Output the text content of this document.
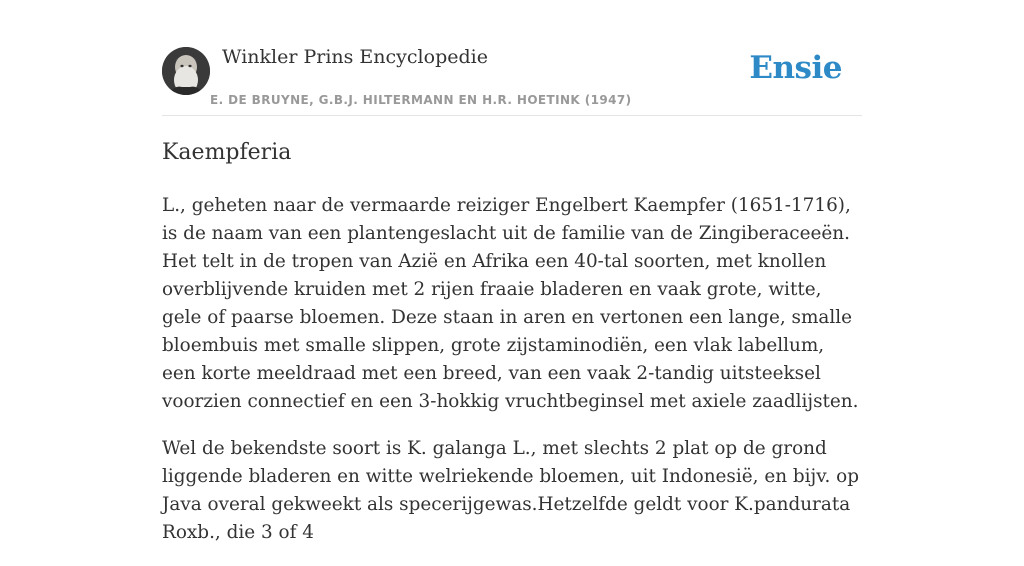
Winkler Prins Encyclopedie
E. DE BRUYNE, G.B.J. HILTERMANN EN H.R. HOETINK (1947)
Ensie
Kaempferia

L., geheten naar de vermaarde reiziger Engelbert Kaempfer (1651-1716), is de naam van een plantengeslacht uit de familie van de Zingiberaceeën. Het telt in de tropen van Azië en Afrika een 40-tal soorten, met knollen overblijvende kruiden met 2 rijen fraaie bladeren en vaak grote, witte, gele of paarse bloemen. Deze staan in aren en vertonen een lange, smalle bloembuis met smalle slippen, grote zijstaminodiën, een vlak labellum, een korte meeldraad met een breed, van een vaak 2-tandig uitsteeksel voorzien connectief en een 3-hokkig vruchtbeginsel met axiele zaadlijsten.

Wel de bekendste soort is K. galanga L., met slechts 2 plat op de grond liggende bladeren en witte welriekende bloemen, uit Indonesië, en bijv. op Java overal gekweekt als specerijgewas.Hetzelfde geldt voor K.pandurata Roxb., die 3 of 4
